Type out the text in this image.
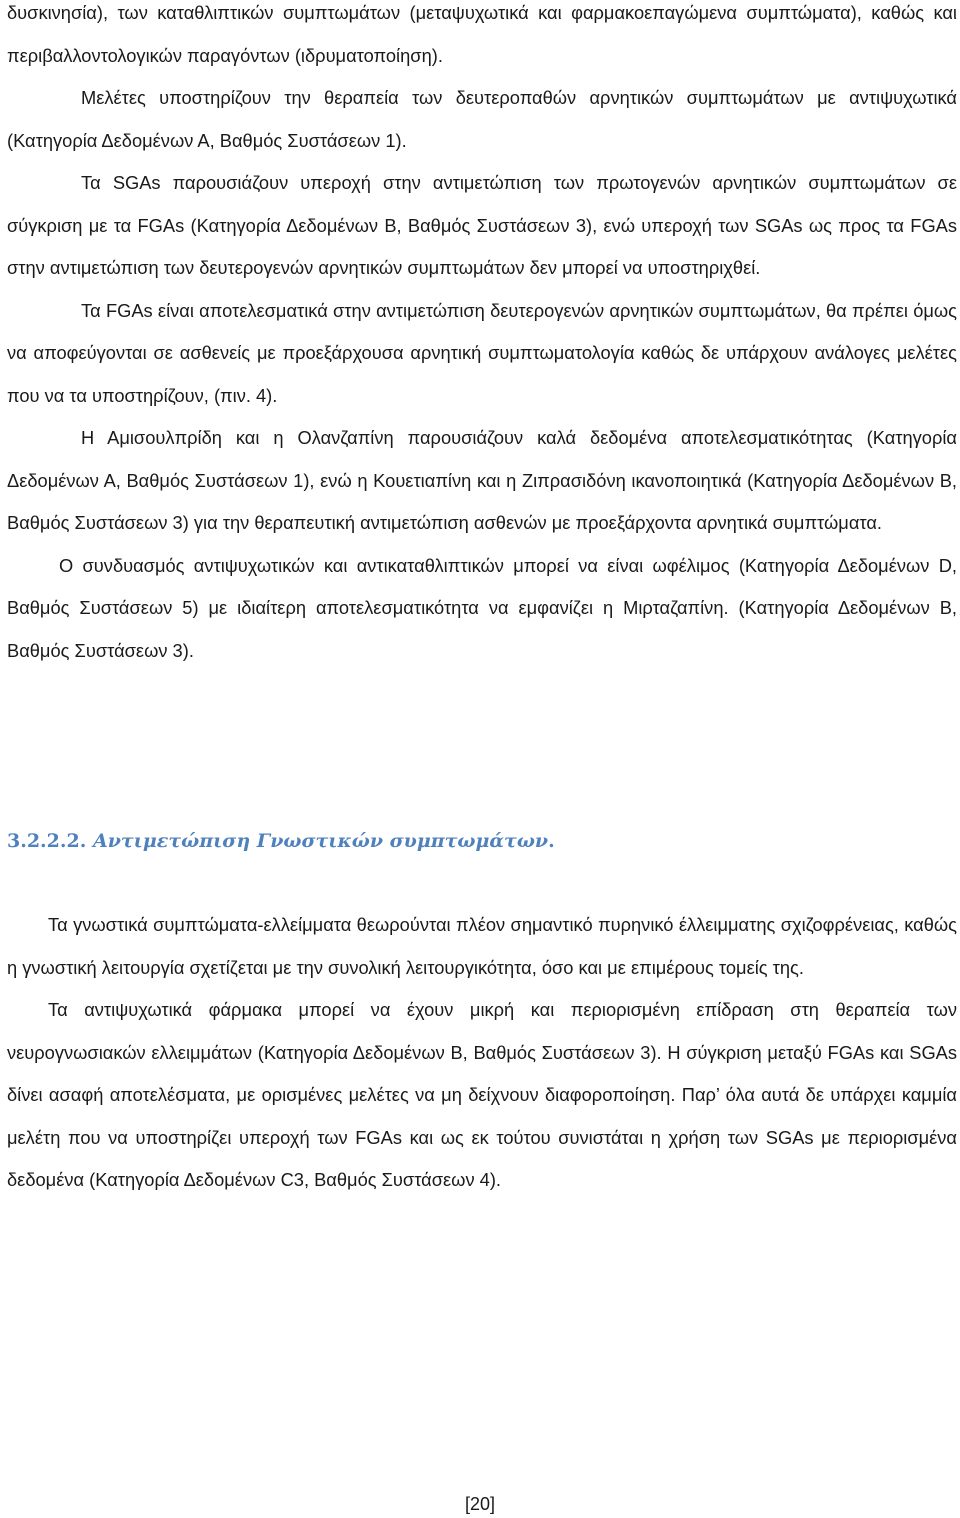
δυσκινησία), των καταθλιπτικών συμπτωμάτων (μεταψυχωτικά και φαρμακοεπαγώμενα συμπτώματα), καθώς και περιβαλλοντολογικών παραγόντων (ιδρυματοποίηση).

Μελέτες υποστηρίζουν την θεραπεία των δευτεροπαθών αρνητικών συμπτωμάτων με αντιψυχωτικά (Κατηγορία Δεδομένων Α, Βαθμός Συστάσεων 1).

Τα SGAs παρουσιάζουν υπεροχή στην αντιμετώπιση των πρωτογενών αρνητικών συμπτωμάτων σε σύγκριση με τα FGAs (Κατηγορία Δεδομένων Β, Βαθμός Συστάσεων 3), ενώ υπεροχή των SGAs ως προς τα FGAs στην αντιμετώπιση των δευτερογενών αρνητικών συμπτωμάτων δεν μπορεί να υποστηριχθεί.

Τα FGAs είναι αποτελεσματικά στην αντιμετώπιση δευτερογενών αρνητικών συμπτωμάτων, θα πρέπει όμως να αποφεύγονται σε ασθενείς με προεξάρχουσα αρνητική συμπτωματολογία καθώς δε υπάρχουν ανάλογες μελέτες που να τα υποστηρίζουν, (πιν. 4).

Η Αμισουλπρίδη και η Ολανζαπίνη παρουσιάζουν καλά δεδομένα αποτελεσματικότητας (Κατηγορία Δεδομένων Α, Βαθμός Συστάσεων 1), ενώ η Κουετιαπίνη και η Ζιπρασιδόνη ικανοποιητικά (Κατηγορία Δεδομένων Β, Βαθμός Συστάσεων 3) για την θεραπευτική αντιμετώπιση ασθενών με προεξάρχοντα αρνητικά συμπτώματα.

Ο συνδυασμός αντιψυχωτικών και αντικαταθλιπτικών μπορεί να είναι ωφέλιμος (Κατηγορία Δεδομένων D, Βαθμός Συστάσεων 5) με ιδιαίτερη αποτελεσματικότητα να εμφανίζει η Μιρταζαπίνη. (Κατηγορία Δεδομένων Β, Βαθμός Συστάσεων 3).

3.2.2.2. Αντιμετώπιση Γνωστικών συμπτωμάτων.

Τα γνωστικά συμπτώματα-ελλείμματα θεωρούνται πλέον σημαντικό πυρηνικό έλλειμματης σχιζοφρένειας, καθώς η γνωστική λειτουργία σχετίζεται με την συνολική λειτουργικότητα, όσο και με επιμέρους τομείς της.

Τα αντιψυχωτικά φάρμακα μπορεί να έχουν μικρή και περιορισμένη επίδραση στη θεραπεία των νευρογνωσιακών ελλειμμάτων (Κατηγορία Δεδομένων Β, Βαθμός Συστάσεων 3). Η σύγκριση μεταξύ FGAs και SGAs δίνει ασαφή αποτελέσματα, με ορισμένες μελέτες να μη δείχνουν διαφοροποίηση. Παρ’ όλα αυτά δε υπάρχει καμμία μελέτη που να υποστηρίζει υπεροχή των FGAs και ως εκ τούτου συνιστάται η χρήση των SGAs με περιορισμένα δεδομένα (Κατηγορία Δεδομένων C3, Βαθμός Συστάσεων 4).

[20]
